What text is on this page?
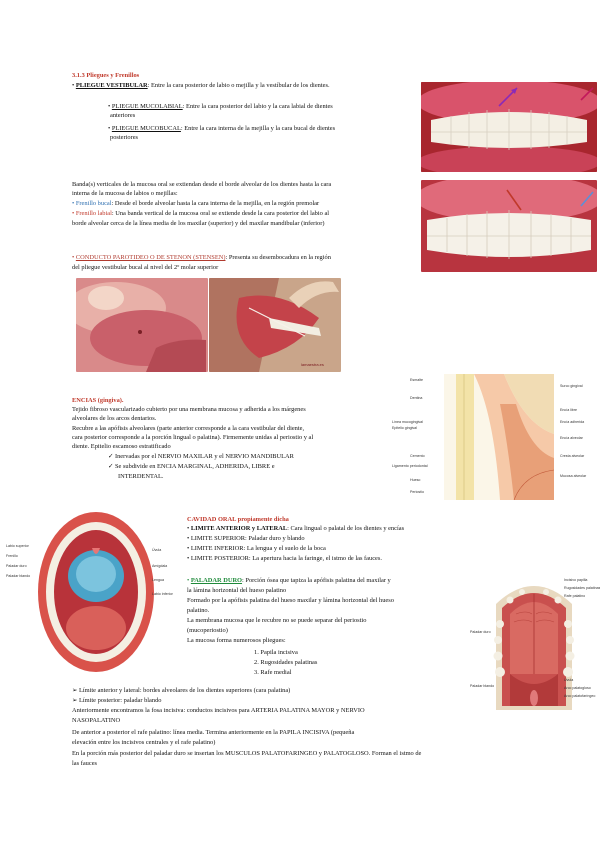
3.1.3 Pliegues y Frenillos
• PLIEGUE VESTIBULAR: Entre la cara posterior de labio o mejilla y la vestíbular de los dientes.
• PLIEGUE MUCOLABIAL: Entre la cara posterior del labio y la cara labial de dientes
anteriores
• PLIEGUE MUCOBUCAL: Entre la cara interna de la mejilla y la cara bucal de dientes
posteriores
Banda(s) verticales de la mucosa oral se extiendan desde el borde alveolar de los dientes hasta la cara
interna de la mucosa de labios o mejillas:
• Frenillo bucal: Desde el borde alveolar hasta la cara interna de la mejilla, en la región premolar
• Frenillo labial: Una banda vertical de la mucosa oral se extiende desde la cara posterior del labio al
borde alveolar cerca de la línea media de los maxilar (superior) y del maxilar mandibular (inferior)
• CONDUCTO PAROTIDEO O DE STENON (STENSEN): Presenta su desembocadura en la región
del pliegue vestibular bucal al nivel del 2º molar superior
lamaestra.es
ENCIAS (gingiva).
Tejido fibroso vascularizado cubierto por una membrana mucosa y adherida a los márgenes
alveolares de los arcos dentarios.
Recubre a las apófisis alveolares (parte anterior corresponde a la cara vestibular del diente,
cara posterior corresponde a la porción lingual o palatina). Firmemente unidas al periostio y al
diente. Epitelio escamoso estratificado
✓ Inervadas por el NERVIO MAXILAR y el NERVIO MANDIBULAR
✓ Se subdivide en ENCIA MARGINAL, ADHERIDA, LIBRE e
INTERDENTAL.
Esmalte
Dentina
Línea mucogingival
Epitelio gingival
Cemento
Ligamento periodontal
Hueso
Periostio
Surco gingival
Encía libre
Encía adherida
Encía alveolar
Cresta alveolar
Mucosa alveolar
Labio superior
Frenillo
Paladar duro
Paladar blando
Úvula
Amígdala
Lengua
Labio inferior
CAVIDAD ORAL propiamente dicha
• LIMITE ANTERIOR y LATERAL: Cara lingual o palatal de los dientes y encías
• LIMITE SUPERIOR: Paladar duro y blando
• LIMITE INFERIOR: La lengua y el suelo de la boca
• LIMITE POSTERIOR: La apertura hacia la faringe, el istmo de las fauces.
• PALADAR DURO: Porción ósea que tapiza la apófisis palatina del maxilar y
la lámina horizontal del hueso palatino
Formado por la apófisis palatina del hueso maxilar y lámina horizontal del hueso
palatino.
La membrana mucosa que le recubre no se puede separar del periostio
(mucoperiostio)
La mucosa forma numerosos pliegues:
1. Papila incisiva
2. Rugosidades palatinas
3. Rafe medial
Incisivo papilla
Rugosidades palatinas
Rafe palatino
Paladar duro
Paladar blando
Úvula
Arco palatogloso
Arco palatofaríngeo
➢ Límite anterior y lateral: bordes alveolares de los dientes superiores (cara palatina)
➢ Límite posterior: paladar blando
Anteriormente encontramos la fosa incisiva: conductos incisivos para ARTERIA PALATINA MAYOR y NERVIO
NASOPALATINO
De anterior a posterior el rafe palatino: línea media. Termina anteriormente en la PAPILA INCISIVA (pequeña
elevación entre los incisivos centrales y el rafe palatino)
En la porción más posterior del paladar duro se insertan los MUSCULOS PALATOFARINGEO y PALATOGLOSO. Forman el istmo de
las fauces
